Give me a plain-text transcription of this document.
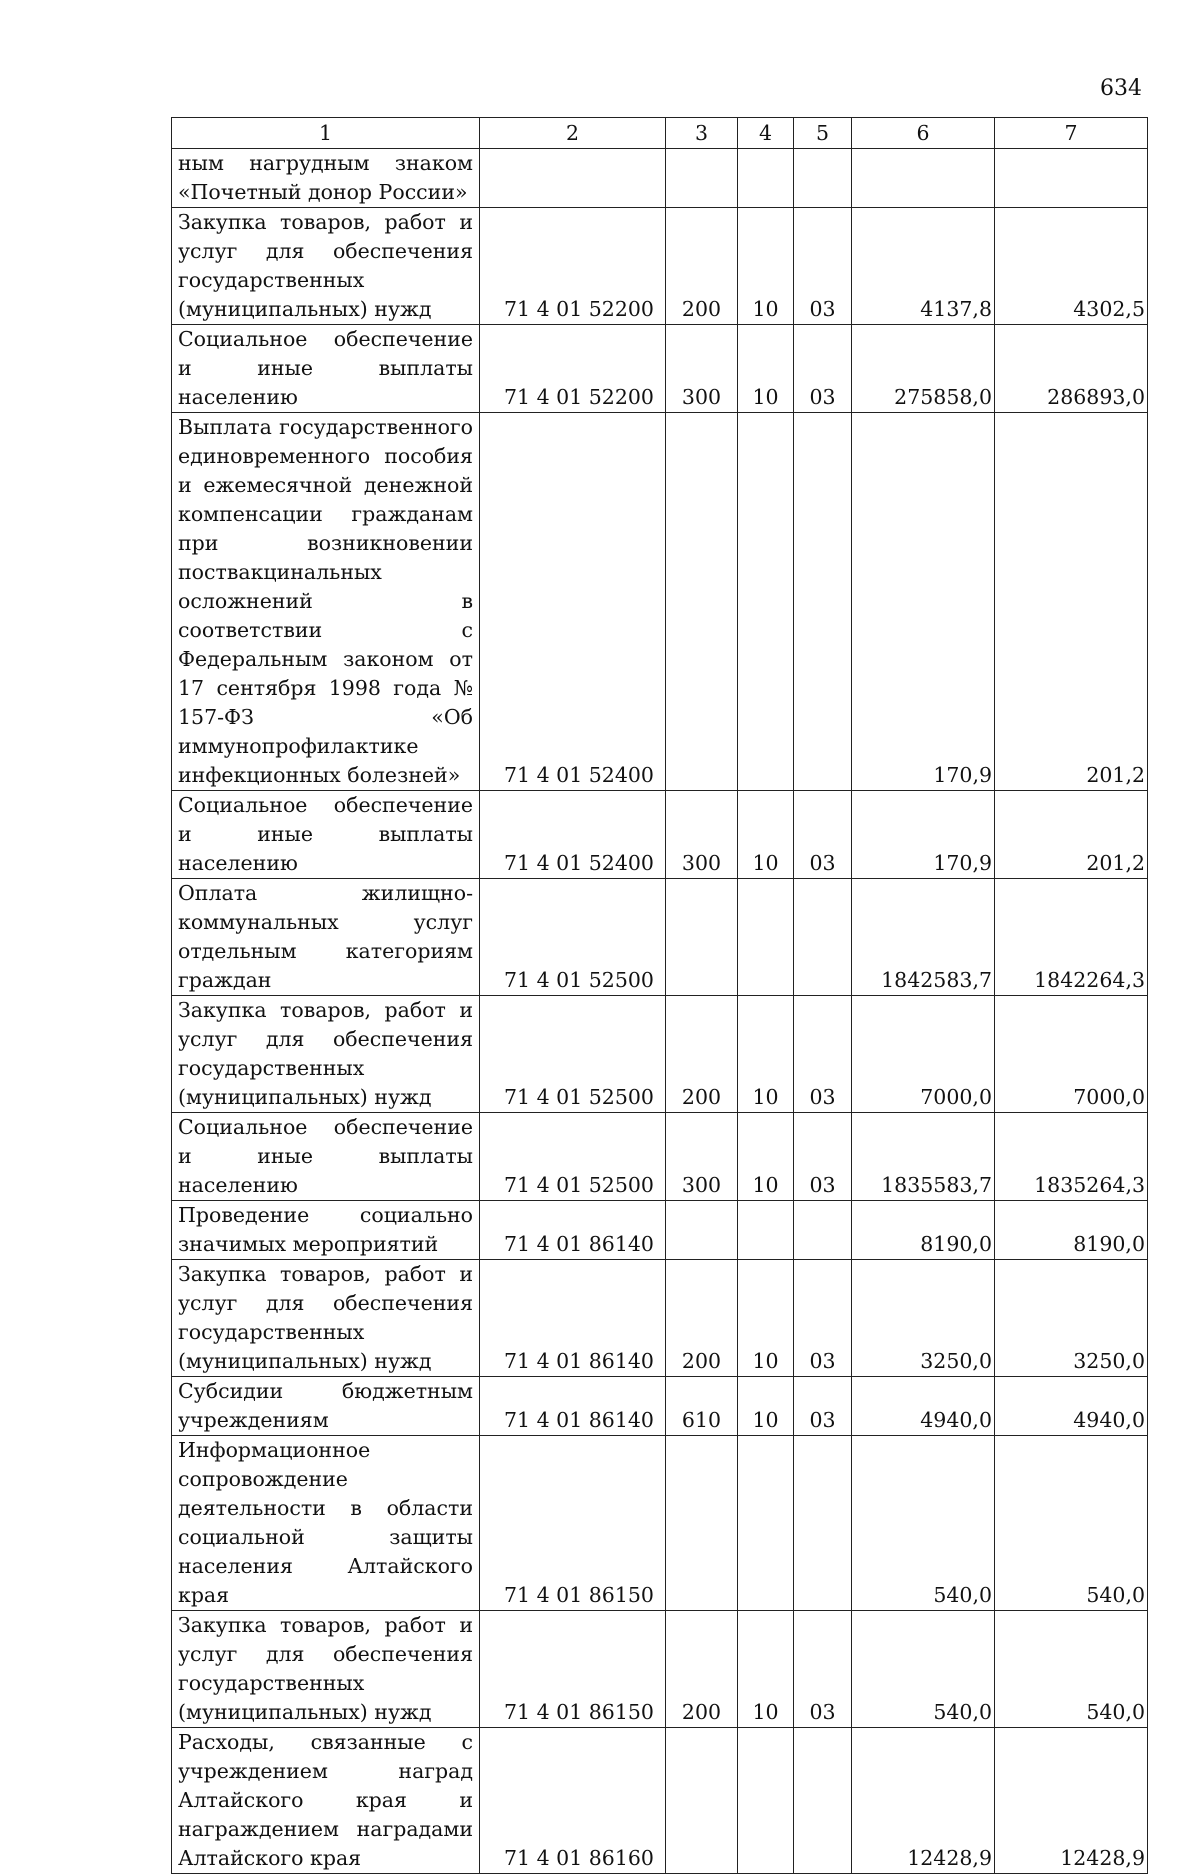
634
1	2	3	4	5	6	7
ным нагрудным знаком «Почетный донор России»						
Закупка товаров, работ и услуг для обеспечения государственных (муниципальных) нужд	71 4 01 52200	200	10	03	4137,8	4302,5
Социальное обеспечение и иные выплаты населению	71 4 01 52200	300	10	03	275858,0	286893,0
Выплата государственного единовременного пособия и ежемесячной денежной компенсации гражданам при возникновении поствакцинальных осложнений в соответствии с Федеральным законом от 17 сентября 1998 года № 157-ФЗ «Об иммунопрофилактике инфекционных болезней»	71 4 01 52400				170,9	201,2
Социальное обеспечение и иные выплаты населению	71 4 01 52400	300	10	03	170,9	201,2
Оплата жилищно-коммунальных услуг отдельным категориям граждан	71 4 01 52500				1842583,7	1842264,3
Закупка товаров, работ и услуг для обеспечения государственных (муниципальных) нужд	71 4 01 52500	200	10	03	7000,0	7000,0
Социальное обеспечение и иные выплаты населению	71 4 01 52500	300	10	03	1835583,7	1835264,3
Проведение социально значимых мероприятий	71 4 01 86140				8190,0	8190,0
Закупка товаров, работ и услуг для обеспечения государственных (муниципальных) нужд	71 4 01 86140	200	10	03	3250,0	3250,0
Субсидии бюджетным учреждениям	71 4 01 86140	610	10	03	4940,0	4940,0
Информационное сопровождение деятельности в области социальной защиты населения Алтайского края	71 4 01 86150				540,0	540,0
Закупка товаров, работ и услуг для обеспечения государственных (муниципальных) нужд	71 4 01 86150	200	10	03	540,0	540,0
Расходы, связанные с учреждением наград Алтайского края и награждением наградами Алтайского края	71 4 01 86160				12428,9	12428,9
